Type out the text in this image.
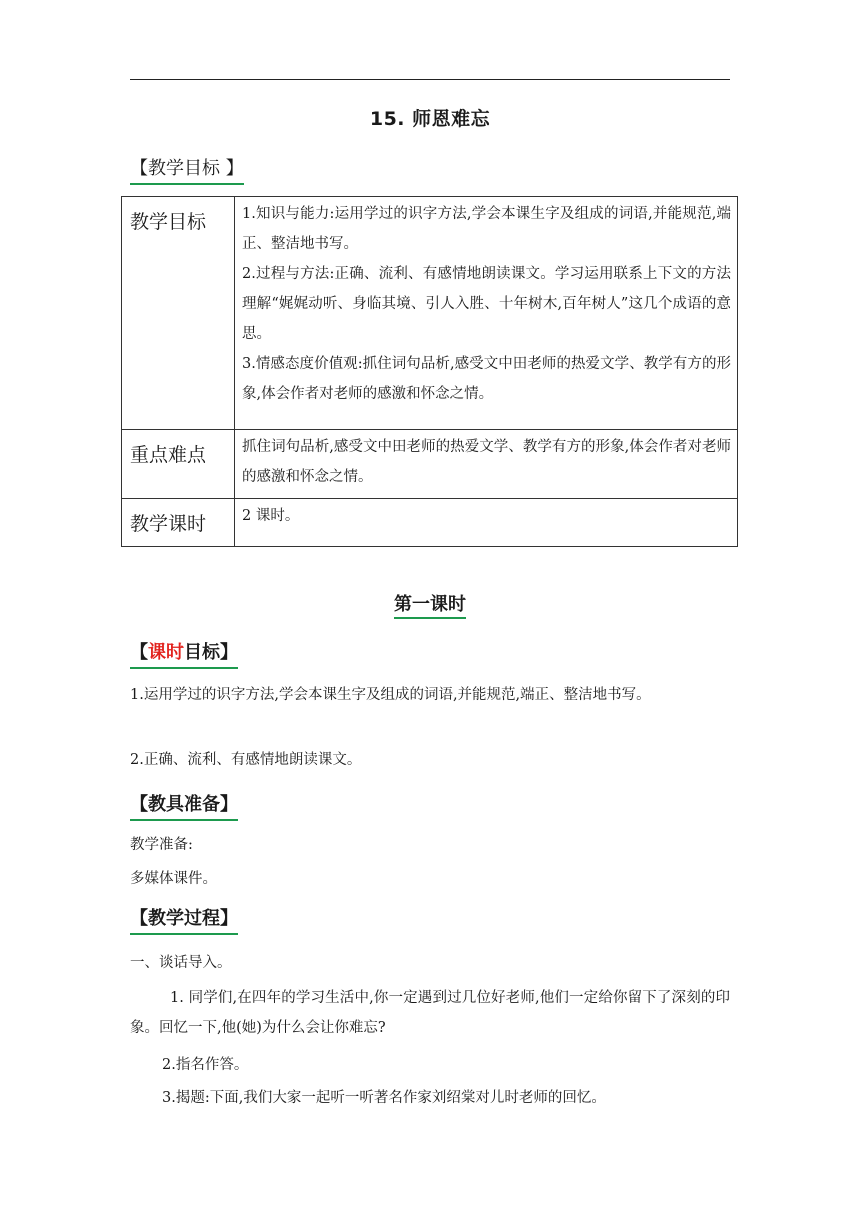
15. 师恩难忘
【教学目标 】
教学目标	1.知识与能力:运用学过的识字方法,学会本课生字及组成的词语,并能规范,端正、整洁地书写。
2.过程与方法:正确、流利、有感情地朗读课文。学习运用联系上下文的方法理解“娓娓动听、身临其境、引人入胜、十年树木,百年树人”这几个成语的意思。
3.情感态度价值观:抓住词句品析,感受文中田老师的热爱文学、教学有方的形象,体会作者对老师的感激和怀念之情。

重点难点	抓住词句品析,感受文中田老师的热爱文学、教学有方的形象,体会作者对老师的感激和怀念之情。
教学课时	2 课时。
第一课时
【课时目标】
1.运用学过的识字方法,学会本课生字及组成的词语,并能规范,端正、整洁地书写。
2.正确、流利、有感情地朗读课文。
【教具准备】
教学准备:
多媒体课件。
【教学过程】
一、谈话导入。
1. 同学们,在四年的学习生活中,你一定遇到过几位好老师,他们一定给你留下了深刻的印象。回忆一下,他(她)为什么会让你难忘?
2.指名作答。
3.揭题:下面,我们大家一起听一听著名作家刘绍棠对儿时老师的回忆。
